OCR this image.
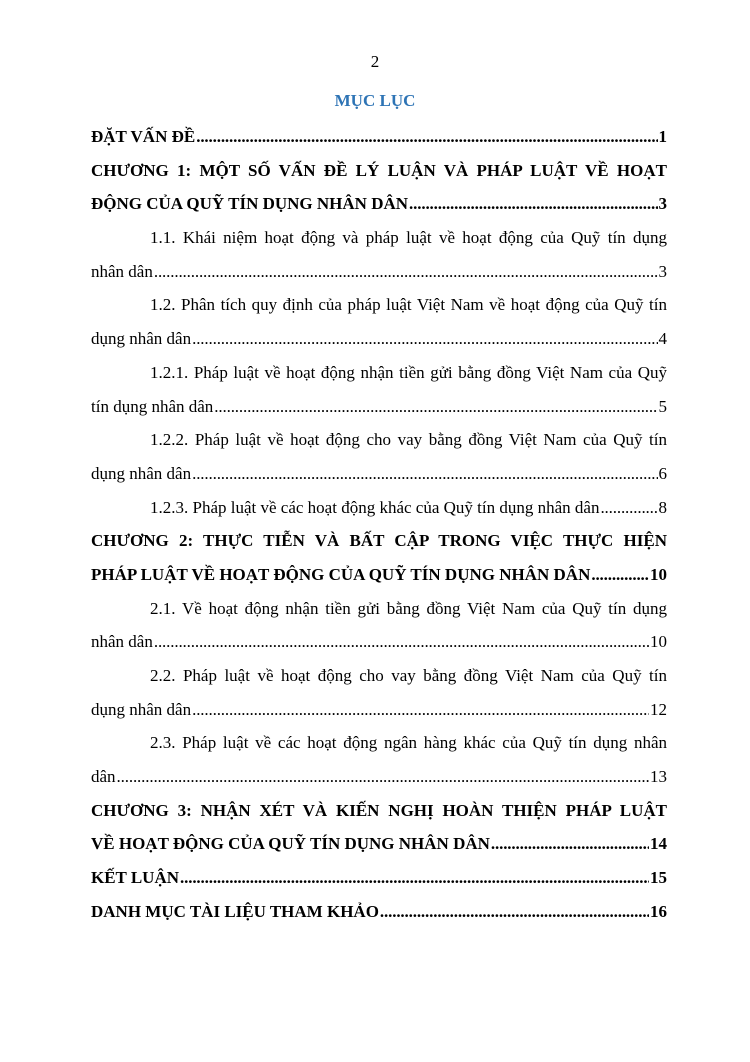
2
MỤC LỤC
ĐẶT VẤN ĐỀ . . .	1
CHƯƠNG 1: MỘT SỐ VẤN ĐỀ LÝ LUẬN VÀ PHÁP LUẬT VỀ HOẠT
ĐỘNG CỦA QUỸ TÍN DỤNG NHÂN DÂN . . .	3
1.1. Khái niệm hoạt động và pháp luật về hoạt động của Quỹ tín dụng
nhân dân . . .	3
1.2. Phân tích quy định của pháp luật Việt Nam về hoạt động của Quỹ tín
dụng nhân dân . . .	4
1.2.1. Pháp luật về hoạt động nhận tiền gửi bằng đồng Việt Nam của Quỹ
tín dụng nhân dân . . .	5
1.2.2. Pháp luật về hoạt động cho vay bằng đồng Việt Nam của Quỹ tín
dụng nhân dân . . .	6
1.2.3. Pháp luật về các hoạt động khác của Quỹ tín dụng nhân dân . . .	8
CHƯƠNG 2: THỰC TIỄN VÀ BẤT CẬP TRONG VIỆC THỰC HIỆN
PHÁP LUẬT VỀ HOẠT ĐỘNG CỦA QUỸ TÍN DỤNG NHÂN DÂN . . .	10
2.1. Về hoạt động nhận tiền gửi bằng đồng Việt Nam của Quỹ tín dụng
nhân dân . . .	10
2.2. Pháp luật về hoạt động cho vay bằng đồng Việt Nam của Quỹ tín
dụng nhân dân . . .	12
2.3. Pháp luật về các hoạt động ngân hàng khác của Quỹ tín dụng nhân
dân . . .	13
CHƯƠNG 3: NHẬN XÉT VÀ KIẾN NGHỊ HOÀN THIỆN PHÁP LUẬT
VỀ HOẠT ĐỘNG CỦA QUỸ TÍN DỤNG NHÂN DÂN . . .	14
KẾT LUẬN . . .	15
DANH MỤC TÀI LIỆU THAM KHẢO . . .	16
